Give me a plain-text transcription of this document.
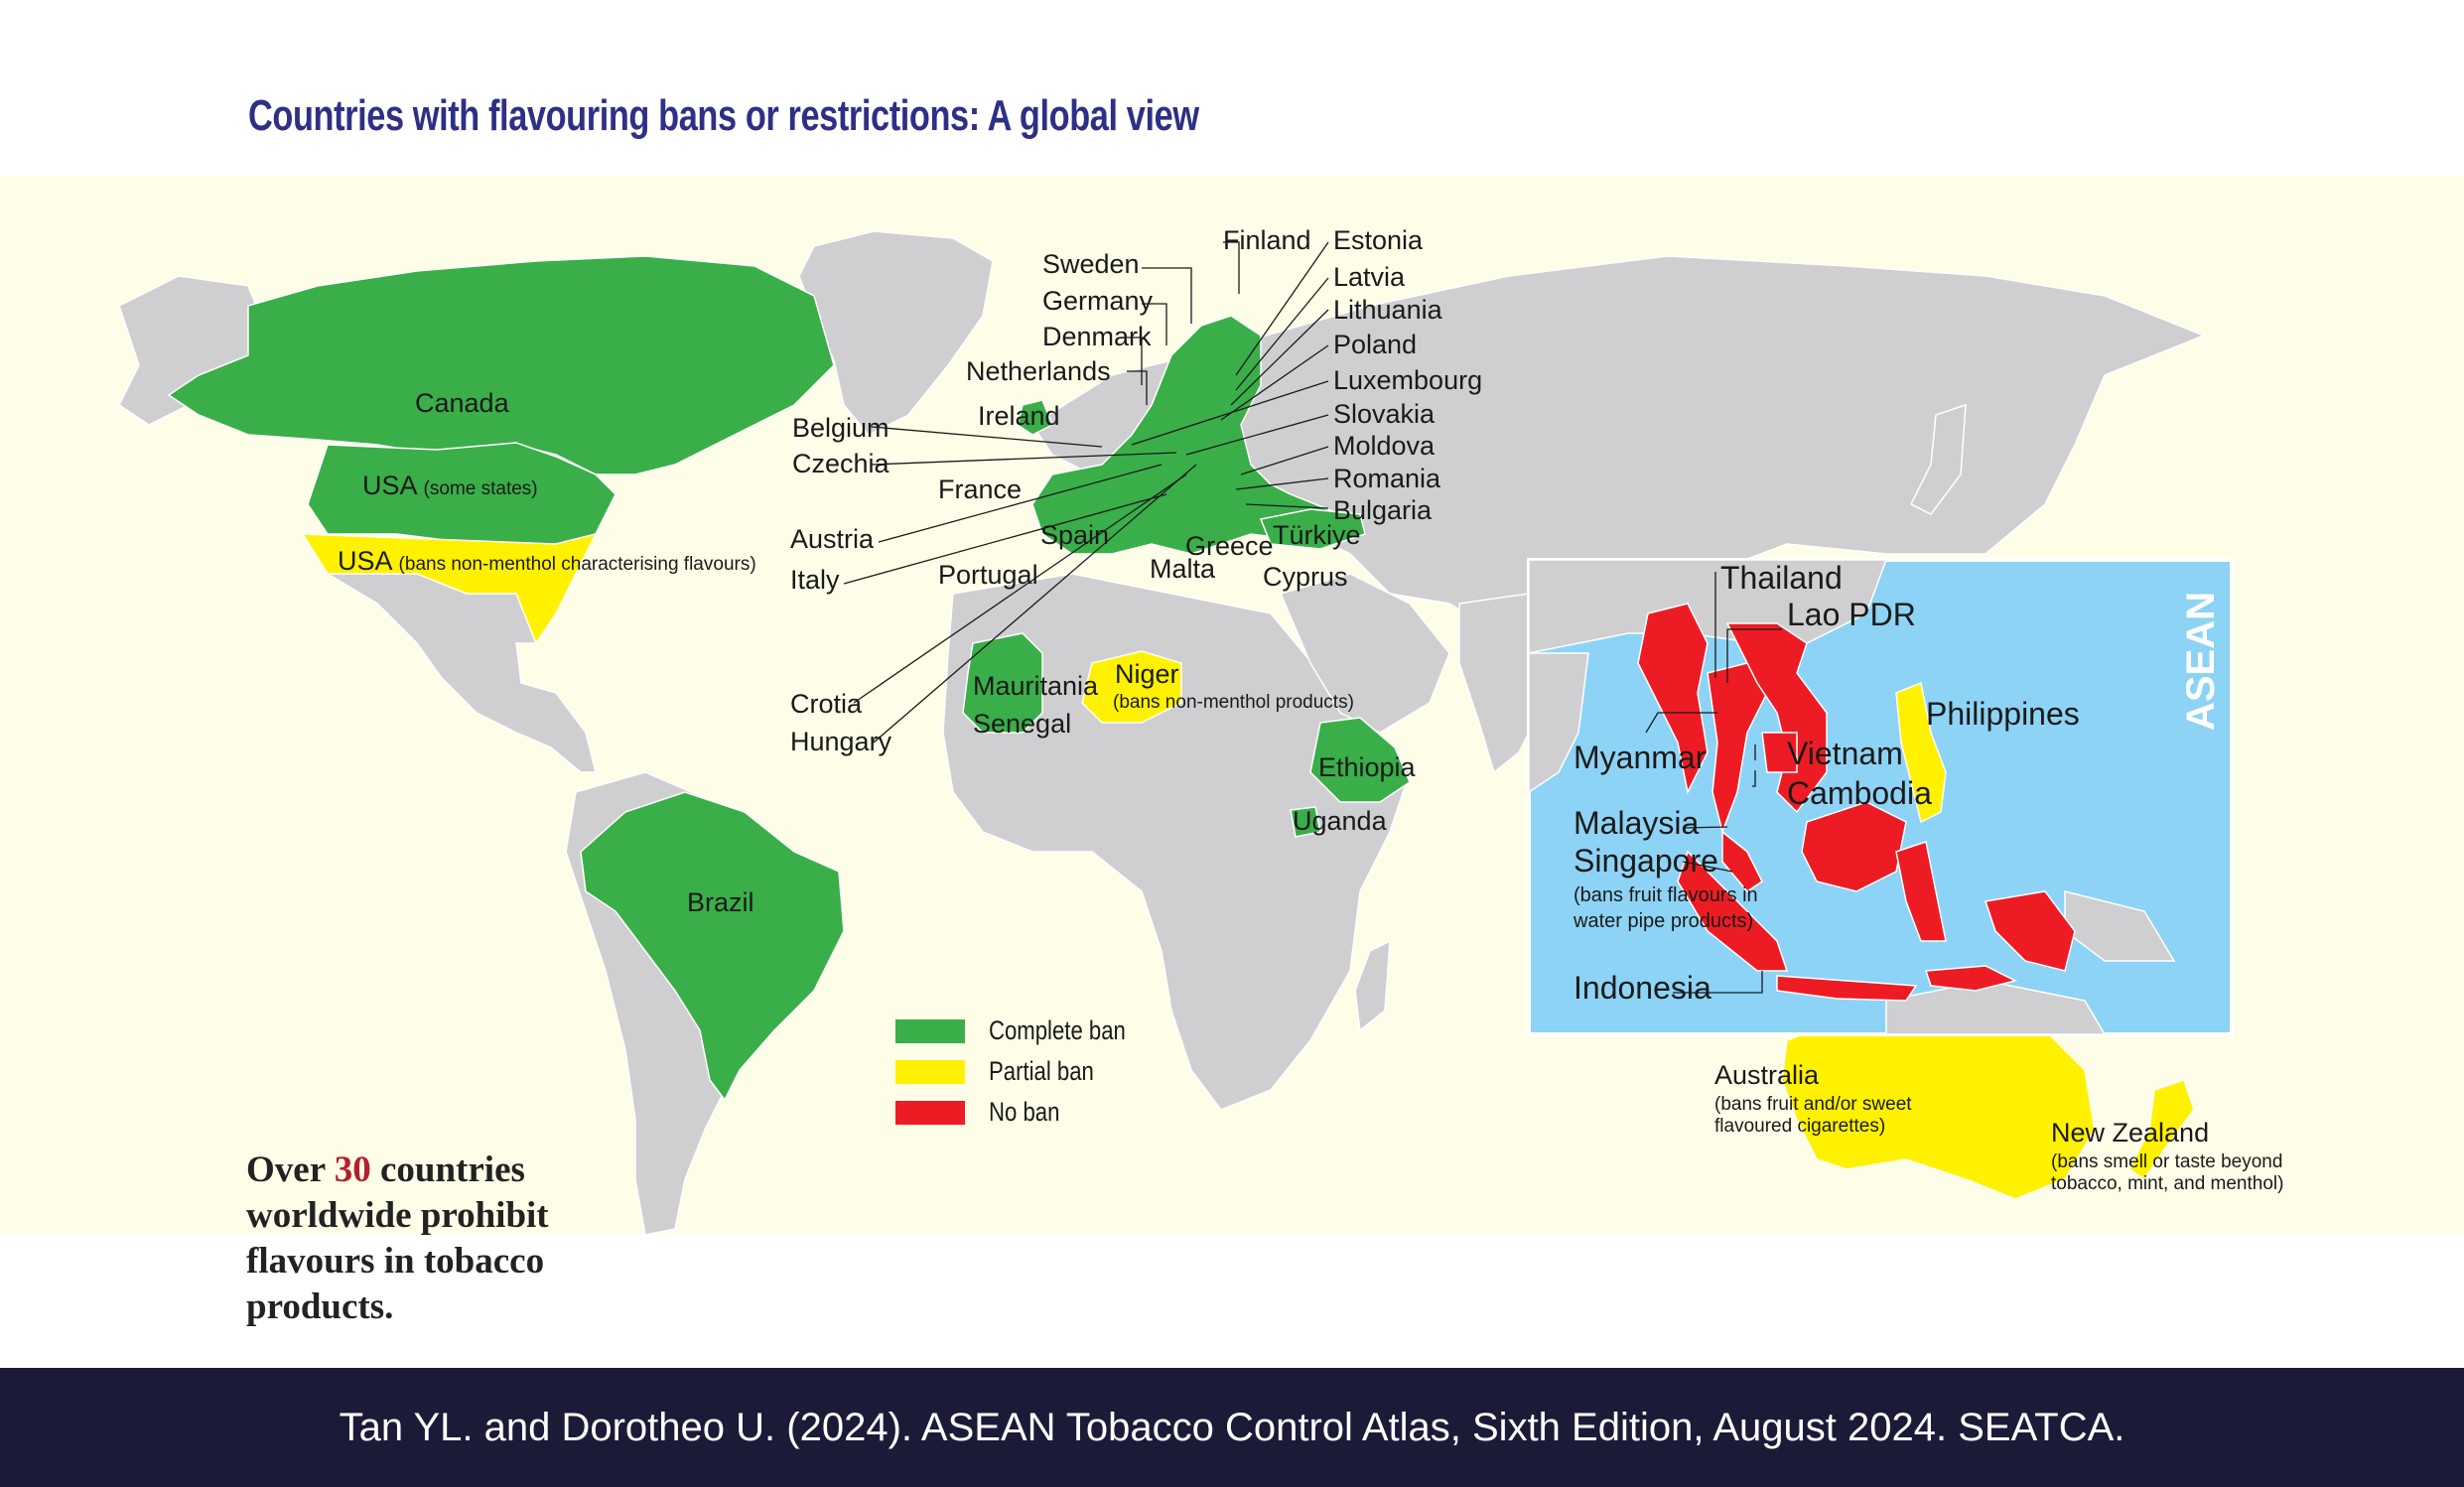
Countries with flavouring bans or restrictions: A global view
Canada
USA (some states)
USA (bans non-menthol characterising flavours)
Brazil
Ireland
Belgium
Czechia
France
Austria
Italy
Spain
Portugal	Malta
Greece
Cyprus
Türkiye
Crotia
Hungary
Mauritania
Senegal
Niger
(bans non-menthol products)
Ethiopia
Uganda
Sweden
Germany
Denmark
Netherlands
Finland Estonia
Latvia
Lithuania
Poland
Luxembourg
Slovakia
Moldova
Romania
Bulgaria
Australia
(bans fruit and/or sweet
flavoured cigarettes)	New Zealand
(bans smell or taste beyond
tobacco, mint, and menthol)
Thailand
Lao PDR
Myanmar	Vietnam
Cambodia
Philippines
Malaysia
Singapore
(bans fruit flavours in
water pipe products)
Indonesia
ASEAN
Over 30 countries worldwide prohibit flavours in tobacco products.
Complete ban
Partial ban
No ban
Tan YL. and Dorotheo U. (2024). ASEAN Tobacco Control Atlas, Sixth Edition, August 2024. SEATCA.
